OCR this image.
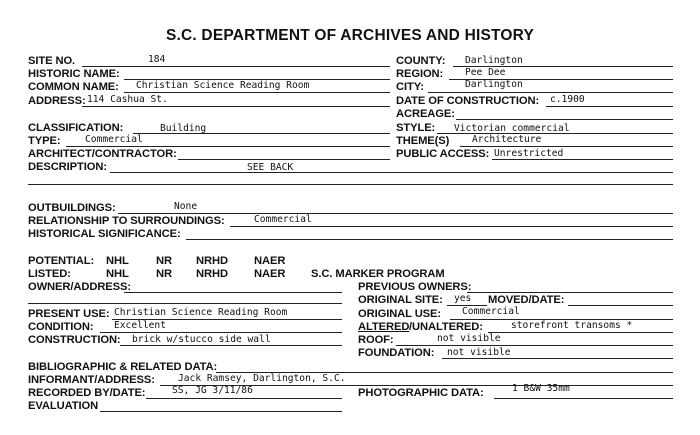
S.C. DEPARTMENT OF ARCHIVES AND HISTORY
SITE NO.	184
HISTORIC NAME:
COMMON NAME: Christian Science Reading Room
ADDRESS: 114 Cashua St.
COUNTY: Darlington
REGION: Pee Dee
CITY:	Darlington
DATE OF CONSTRUCTION: c.1900
ACREAGE:
CLASSIFICATION:	Building
TYPE:	Commercial
ARCHITECT/CONTRACTOR:
DESCRIPTION:	SEE BACK
STYLE: Victorian commercial
THEME(S) Architecture
PUBLIC ACCESS: Unrestricted
OUTBUILDINGS:	None
RELATIONSHIP TO SURROUNDINGS:	Commercial
HISTORICAL SIGNIFICANCE:
POTENTIAL: NHL NR NRHD NAER
LISTED:	NHL NR NRHD NAER S.C. MARKER PROGRAM
OWNER/ADDRESS:	PREVIOUS OWNERS:
ORIGINAL SITE: yes MOVED/DATE:
PRESENT USE: Christian Science Reading Room	ORIGINAL USE: Commercial
CONDITION: Excellent	ALTERED /UNALTERED:	storefront transoms *
CONSTRUCTION: brick w/stucco side wall	ROOF:	not visible
FOUNDATION: not visible
BIBLIOGRAPHIC & RELATED DATA:
INFORMANT/ADDRESS: Jack Ramsey, Darlington, S.C.
RECORDED BY/DATE:	SS, JG 3/11/86	PHOTOGRAPHIC DATA:	1 B&W 35mm
EVALUATION
